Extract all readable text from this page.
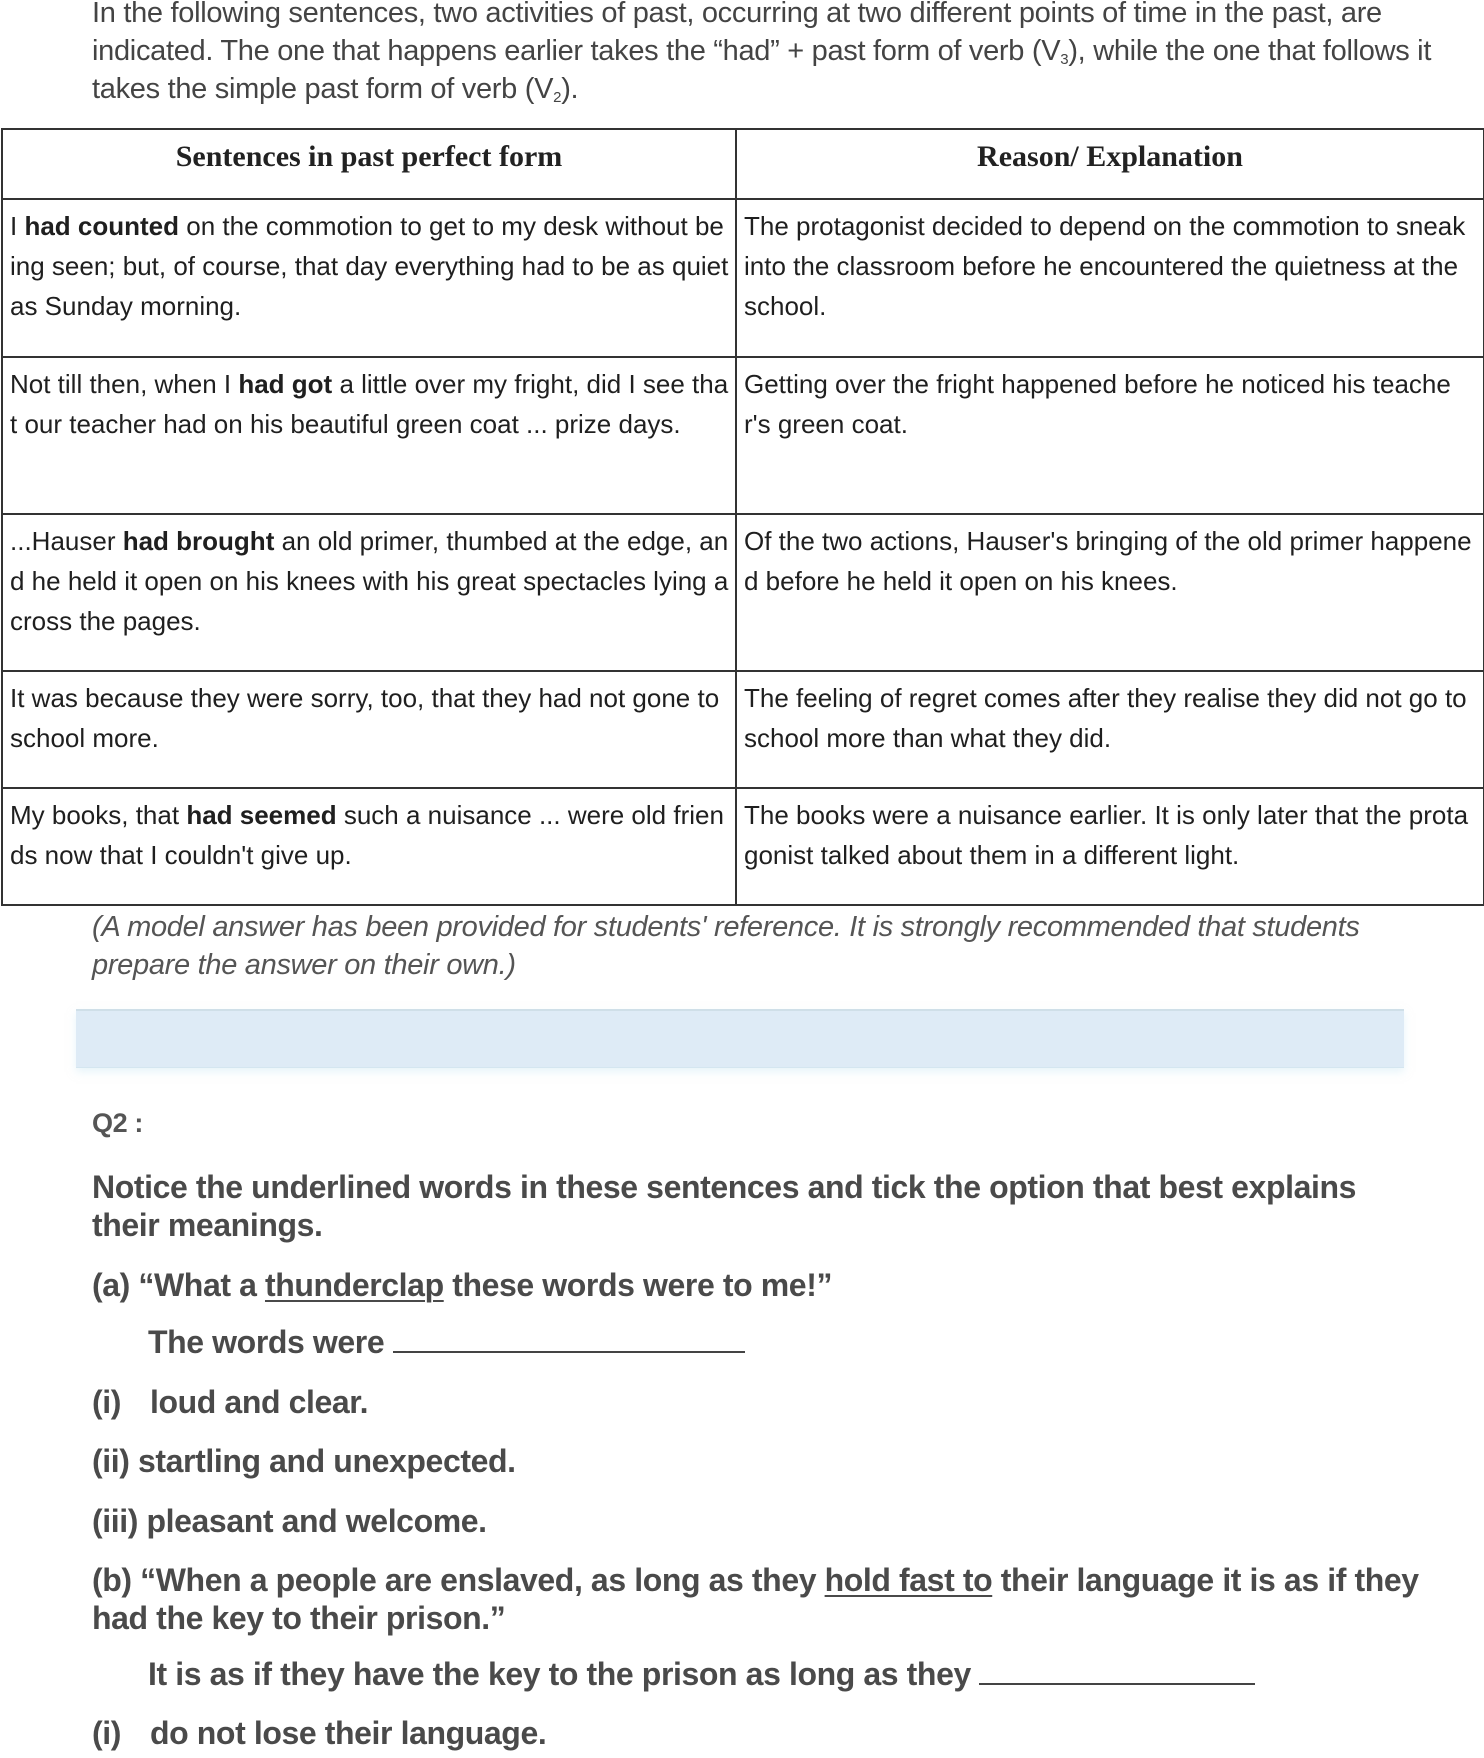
In the following sentences, two activities of past, occurring at two different points of time in the past, are indicated. The one that happens earlier takes the “had” + past form of verb $(V_3)$, while the one that follows it takes the simple past form of verb $(V_2)$.
Sentences in past perfect form	Reason/ Explanation
I had counted on the commotion to get to my desk without being seen; but, of course, that day everything had to be as quiet as Sunday morning.	The protagonist decided to depend on the commotion to sneak into the classroom before he encountered the quietness at the school.
Not till then, when I had got a little over my fright, did I see that our teacher had on his beautiful green coat ... prize days.	Getting over the fright happened before he noticed his teacher's green coat.
...Hauser had brought an old primer, thumbed at the edge, and he held it open on his knees with his great spectacles lying across the pages.	Of the two actions, Hauser's bringing of the old primer happened before he held it open on his knees.
It was because they were sorry, too, that they had not gone to school more.	The feeling of regret comes after they realise they did not go to school more than what they did.
My books, that had seemed such a nuisance ... were old friends now that I couldn't give up.	The books were a nuisance earlier. It is only later that the protagonist talked about them in a different light.
(A model answer has been provided for students' reference. It is strongly recommended that students prepare the answer on their own.)
Q2 :
Notice the underlined words in these sentences and tick the option that best explains their meanings.
(a) “What a thunderclap these words were to me!”
The words were
(i) loud and clear.
(ii) startling and unexpected.
(iii) pleasant and welcome.
(b) “When a people are enslaved, as long as they hold fast to their language it is as if they had the key to their prison.”
It is as if they have the key to the prison as long as they
(i) do not lose their language.
